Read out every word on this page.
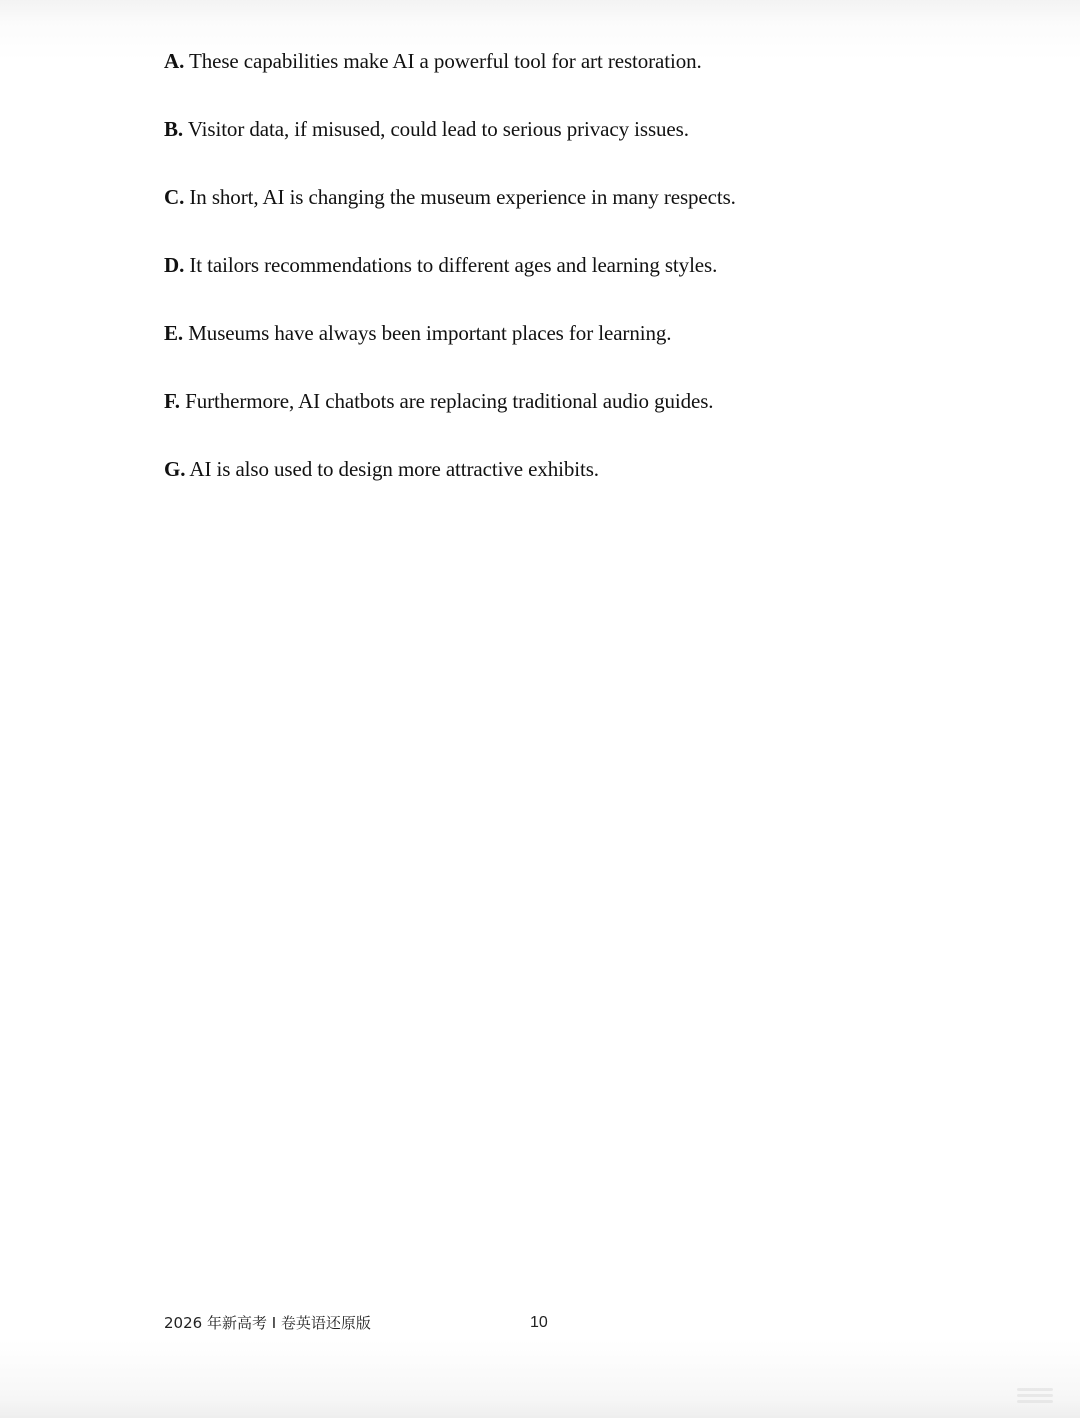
A. These capabilities make AI a powerful tool for art restoration.
B. Visitor data, if misused, could lead to serious privacy issues.
C. In short, AI is changing the museum experience in many respects.
D. It tailors recommendations to different ages and learning styles.
E. Museums have always been important places for learning.
F. Furthermore, AI chatbots are replacing traditional audio guides.
G. AI is also used to design more attractive exhibits.
2026 年新高考 I 卷英语还原版	10
